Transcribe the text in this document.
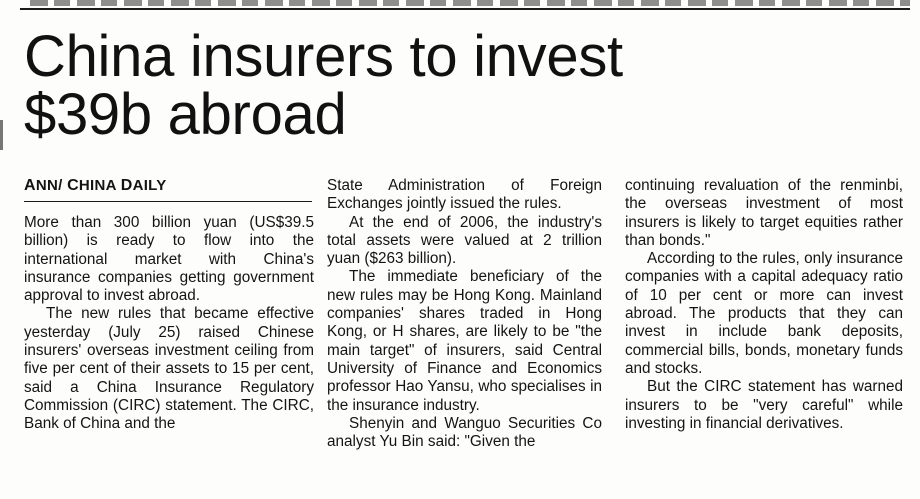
China insurers to invest
$39b abroad
ANN/ CHINA DAILY

More than 300 billion yuan (US$39.5 billion) is ready to flow into the international market with China's insurance companies getting government approval to invest abroad.

The new rules that became effective yesterday (July 25) raised Chinese insurers' overseas investment ceiling from five per cent of their assets to 15 per cent, said a China Insurance Regulatory Commission (CIRC) statement. The CIRC, Bank of China and the

State Administration of Foreign Exchanges jointly issued the rules.

At the end of 2006, the industry's total assets were valued at 2 trillion yuan ($263 billion).

The immediate beneficiary of the new rules may be Hong Kong. Mainland companies' shares traded in Hong Kong, or H shares, are likely to be "the main target" of insurers, said Central University of Finance and Economics professor Hao Yansu, who specialises in the insurance industry.

Shenyin and Wanguo Securities Co analyst Yu Bin said: "Given the

continuing revaluation of the renminbi, the overseas investment of most insurers is likely to target equities rather than bonds."

According to the rules, only insurance companies with a capital adequacy ratio of 10 per cent or more can invest abroad. The products that they can invest in include bank deposits, commercial bills, bonds, monetary funds and stocks.

But the CIRC statement has warned insurers to be "very careful" while investing in financial derivatives.
